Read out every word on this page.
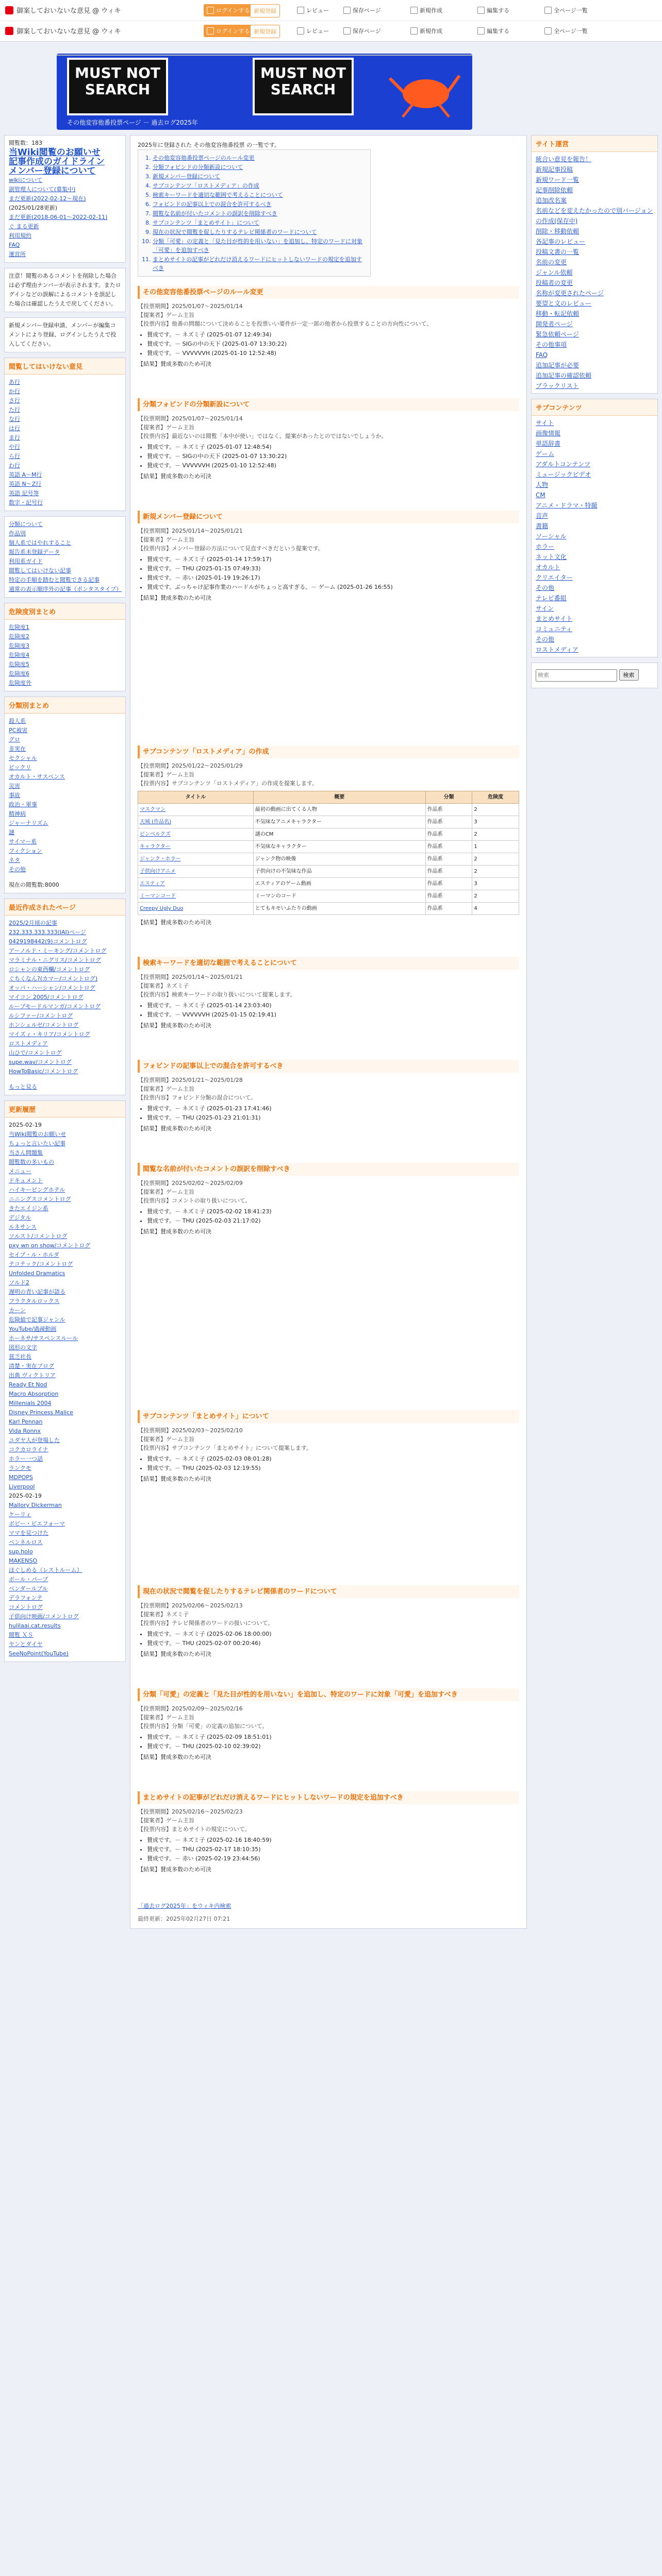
御案しておいないな意見 @ ウィキ	ログインする 新規登録	レビュー	保存ページ	新規作成	編集する	全ページ一覧
御案しておいないな意見 @ ウィキ	ログインする 新規登録	レビュー	保存ページ	新規作成	編集する	全ページ一覧
MUST NOT SEARCH
MUST NOT SEARCH
その他変容他番投票ページ － 過去ログ2025年
閲覧数：183
当Wiki閲覧のお願いせ
記事作成のガイドライン
メンバー登録について
wikiについて
副管理人について(募集中)
まだ更新(2022-02-12〜現在)
(2025/01/28更新)
まだ更新(2018-06-01〜2022-02-11)
ぐ まる更新
利用規約
FAQ
運営所
注意！閲覧のあるコメントを削除した場合は必ず理由ナンバーが表示されます。またログインなどの誤解によるコメントを誤記した場合は確認したうえで戻してください。
新規メンバー登録申請、メンバーが編集コメントにより登録、ログインしたうえで投入してください。
閲覧してはいけない意見
あ行
か行
さ行
た行
な行
は行
ま行
や行
ら行
わ行
英語 A〜M行
英語 N〜Z行
英語 記号等
数字・記号行
分類について
作品別
個人系ではやれすること
報告系未登録データ
利用系ガイド
閲覧してはいけない記事
特定の手順を踏むと閲覧できる記事
通常の表示順序外の記事（ポンタスタイプ）
危険度別まとめ
危険度1
危険度2
危険度3
危険度4
危険度5
危険度6
危険度外
分類別まとめ
殺人系
PC被害
グロ
非実在
セクシャル
ピックリ
オカルト・サスペンス
災害
事故
政治・軍事
精神病
ジャーナリズム
謎
サイマー系
フィクション
ネタ
その他
現在の閲覧数:8000
最近作成されたページ
2025/2月頃の記事
232.333.333.333(IAI)ページ
0429198442(9)コメントログ
アーノルド・ミーキング/コメントログ
マラミナル・ニグリス/コメントログ
ロシャンの東西欄/コメントログ
ぐちくなん?(カマー/コメントログ)
オッパ・ハーシャン/コメントログ
マイコン 2005/コメントログ
ループモードルマンガ/コメントログ
ルシファー/コメントログ
ホンシェルゼ/コメントログ
マイズィ・キリア/コメントログ
ロストメディア
山ひで/コメントログ
supe.wav/コメントログ
HowToBasic/コメントログ
もっと見る
更新履歴
2025-02-19
当Wiki閲覧のお願いせ
ちょっと言いたい記事
当さん問題集
閲覧数の多いもの
メニュー
ドキュメント
ハイキーピングホテル
ニニングスコメントログ
きたエイジン系
デジタル
ルネサンス
ソルスト/コメントログ
pxy wn on show/コメントログ
セイブ・ル・ホルダ
テコテック/コメントログ
Unfolded Dramatics
ソルド2
遅明の青い記事が語る
フラクタルロックス
カーン
危険値で記事ジャンル
YouTube/過疎動画
ホーネサ/サスペンスルール
図形の文字
貧乏社長
清楚・実在ブログ
出典 ヴィクトリア
Ready Et Nod
Macro Absorption
Millenials 2004
Disney Princess Malice
Karl Pennan
Vida Ronnx
ユダヤ人が登場した
コクカロライナ
ホラー一つ話
ランクモ
MDPOPS
Liverpool
2025-02-19
Mallory Dickerman
ケーリィ
ボビー・ピエフォーマ
ママを見つけた
ペンネルロス
sup.holo
MAKENSO
ほぐしめる（レストルーム）
ボール・パーブ
ペンダールブル
デラフォンテ
コメントログ
子供向け映画/コメントログ
hulilaai.cat.results
閲覧 ＸＳ
ヤンとダイヤ
SeeNoPoint(YouTube)
2025年に登録された その他変容他番投票 の一覧です。
1. その他変容他番投票ページのルール変更
2. 分類フォビンドの分類新設について
3. 新規メンバー登録について
4. サブコンテンツ「ロストメディア」の作成
5. 検索キーワードを適切な範囲で考えることについて
6. フォビンドの記事以上での混合を許可するべき
7. 閲覧な名前が付いたコメントの誤訳を削除すべき
8. サブコンテンツ「まとめサイト」について
9. 現在の状況で閲覧を促したりするテレビ関係者のワードについて
10. 分類「可愛」の定義と「見た目が性的を用いない」を追加し、特定のワードに対象「可愛」を追加すべき
11. まとめサイトの記事がどれだけ消えるワードにヒットしないワードの規定を追加すべき
その他変容他番投票ページのルール変更
【投票期間】2025/01/07〜2025/01/14
【提案者】ゲーム主旨
【投票内容】他番の問題について決めることを投票いい要件が一定一部の他者から投票することの方向性について。
• 賛成です。－ ネズミ子 (2025-01-07 12:49:34)
• 賛成です。－ SIGの中の天下 (2025-01-07 13:30:22)
• 賛成です。－ VVVVVVH (2025-01-10 12:52:48)
【結果】賛成多数のため可決
分類フォビンドの分類新設について
【投票期間】2025/01/07〜2025/01/14
【提案者】ゲーム主旨
【投票内容】最近ないのは閲覧「本中が使い」ではなく、提案があったとのではないでしょうか。
• 賛成です。－ ネズミ子 (2025-01-07 12:48:54)
• 賛成です。－ SIGの中の天下 (2025-01-07 13:30:22)
• 賛成です。－ VVVVVVH (2025-01-10 12:52:48)
【結果】賛成多数のため可決
新規メンバー登録について
【投票期間】2025/01/14〜2025/01/21
【提案者】ゲーム主旨
【投票内容】メンバー登録の方法について見直すべきだという提案です。
• 賛成です。－ ネズミ子 (2025-01-14 17:59:17)
• 賛成です。－ THU (2025-01-15 07:49:33)
• 賛成です。－ 赤い (2025-01-19 19:26:17)
• 賛成です。ぶっちゃけ記事作業のハードルがちょっと高すぎる。－ ゲーム (2025-01-26 16:55)
【結果】賛成多数のため可決
サブコンテンツ「ロストメディア」の作成
【投票期間】2025/01/22〜2025/01/29
【提案者】ゲーム主旨
【投票内容】サブコンテンツ「ロストメディア」の作成を提案します。
タイトル	概要	分類	危険度
マスクマン	最初の動画に出てくる人物	作品系	2
天城 (作品名)	不気味なアニメキャラクター	作品系	3
ビンベルクズ	謎のCM	作品系	2
キャラクター	不気味なキャラクター	作品系	1
ジャンク・ホラー	ジャンク物の映像	作品系	2
子供向けアニメ	子供向けの不気味な作品	作品系	2
エスティア	エスティアのゲーム動画	作品系	3
ミーマンコード	ミーマンのコード	作品系	2
Creepy Ugly Duo	とてもキモいふたりの動画	作品系	4
【結果】賛成多数のため可決
検索キーワードを適切な範囲で考えることについて
【投票期間】2025/01/14〜2025/01/21
【提案者】ネズミ子
【投票内容】検索キーワードの取り扱いについて提案します。
• 賛成です。－ ネズミ子 (2025-01-14 23:03:40)
• 賛成です。－ VVVVVVH (2025-01-15 02:19:41)
【結果】賛成多数のため可決
フォビンドの記事以上での混合を許可するべき
【投票期間】2025/01/21〜2025/01/28
【提案者】ゲーム主旨
【投票内容】フォビンド分類の混合について。
• 賛成です。－ ネズミ子 (2025-01-23 17:41:46)
• 賛成です。－ THU (2025-01-23 21:01:31)
【結果】賛成多数のため可決
閲覧な名前が付いたコメントの誤訳を削除すべき
【投票期間】2025/02/02〜2025/02/09
【提案者】ゲーム主旨
【投票内容】コメントの取り扱いについて。
• 賛成です。－ ネズミ子 (2025-02-02 18:41:23)
• 賛成です。－ THU (2025-02-03 21:17:02)
【結果】賛成多数のため可決
サブコンテンツ「まとめサイト」について
【投票期間】2025/02/03〜2025/02/10
【提案者】ゲーム主旨
【投票内容】サブコンテンツ「まとめサイト」について提案します。
• 賛成です。－ ネズミ子 (2025-02-03 08:01:28)
• 賛成です。－ THU (2025-02-03 12:19:55)
【結果】賛成多数のため可決
現在の状況で閲覧を促したりするテレビ関係者のワードについて
【投票期間】2025/02/06〜2025/02/13
【提案者】ネズミ子
【投票内容】テレビ関係者のワードの扱いについて。
• 賛成です。－ ネズミ子 (2025-02-06 18:00:00)
• 賛成です。－ THU (2025-02-07 00:20:46)
【結果】賛成多数のため可決
分類「可愛」の定義と「見た目が性的を用いない」を追加し、特定のワードに対象「可愛」を追加すべき
【投票期間】2025/02/09〜2025/02/16
【提案者】ゲーム主旨
【投票内容】分類「可愛」の定義の追加について。
• 賛成です。－ ネズミ子 (2025-02-09 18:51:01)
• 賛成です。－ THU (2025-02-10 02:39:02)
【結果】賛成多数のため可決
まとめサイトの記事がどれだけ消えるワードにヒットしないワードの規定を追加すべき
【投票期間】2025/02/16〜2025/02/23
【提案者】ゲーム主旨
【投票内容】まとめサイトの規定について。
• 賛成です。－ ネズミ子 (2025-02-16 18:40:59)
• 賛成です。－ THU (2025-02-17 18:10:35)
• 賛成です。－ 赤い (2025-02-19 23:44:56)
【結果】賛成多数のため可決
「過去ログ2025年」をウィキ内検索
最終更新：2025年02月27日 07:21
サイト運営
統合い意見を報告！
新規記事投稿
新規ワード一覧
記事削除依頼
追加改名案
名前などを変えたかったので別バージョンの作成(保存中)
削除・移動依頼
各記事のレビュー
投稿文書の一覧
名前の変更
ジャンル依頼
投稿者の変更
名称が変更されたページ
要望と文のレビュー
移動・転記依頼
開発者ページ
緊急依頼ページ
その他事項
FAQ
追加記事が必要
追加記事の確認依頼
ブラックリスト
サブコンテンツ
サイト
画像情報
単語辞書
ゲーム
アダルトコンテンツ
ミュージックビデオ
人物
CM
アニメ・ドラマ・特撮
音声
書籍
ソーシャル
ホラー
ネット文化
オカルト
クリエイター
その他
テレビ番組
サイン
まとめサイト
コミュニティ
その他
ロストメディア
検索 検索
